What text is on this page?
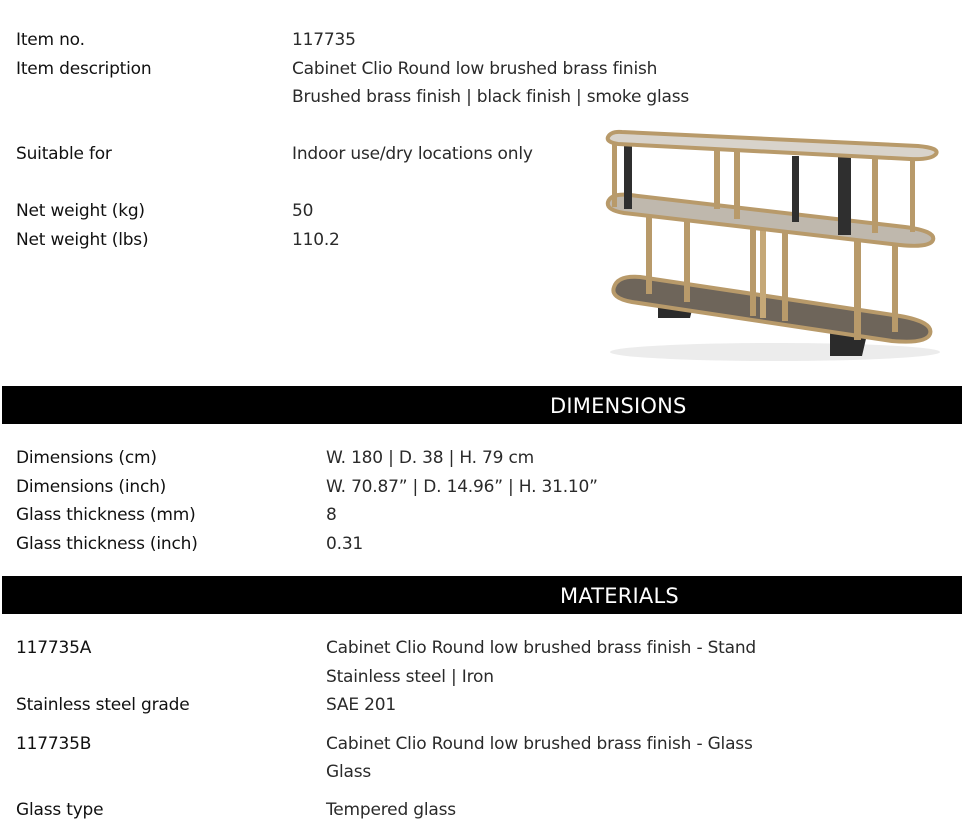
Item no.	117735
Item description	Cabinet Clio Round low brushed brass finish
Brushed brass finish | black finish | smoke glass
Suitable for	Indoor use/dry locations only
Net weight (kg)	50
Net weight (lbs)	110.2
DIMENSIONS
Dimensions (cm)	W. 180 | D. 38 | H. 79 cm
Dimensions (inch)	W. 70.87” | D. 14.96” | H. 31.10”
Glass thickness (mm)	8
Glass thickness (inch)	0.31
MATERIALS
117735A	Cabinet Clio Round low brushed brass finish - Stand
Stainless steel | Iron
Stainless steel grade	SAE 201
117735B	Cabinet Clio Round low brushed brass finish - Glass
Glass
Glass type	Tempered glass
